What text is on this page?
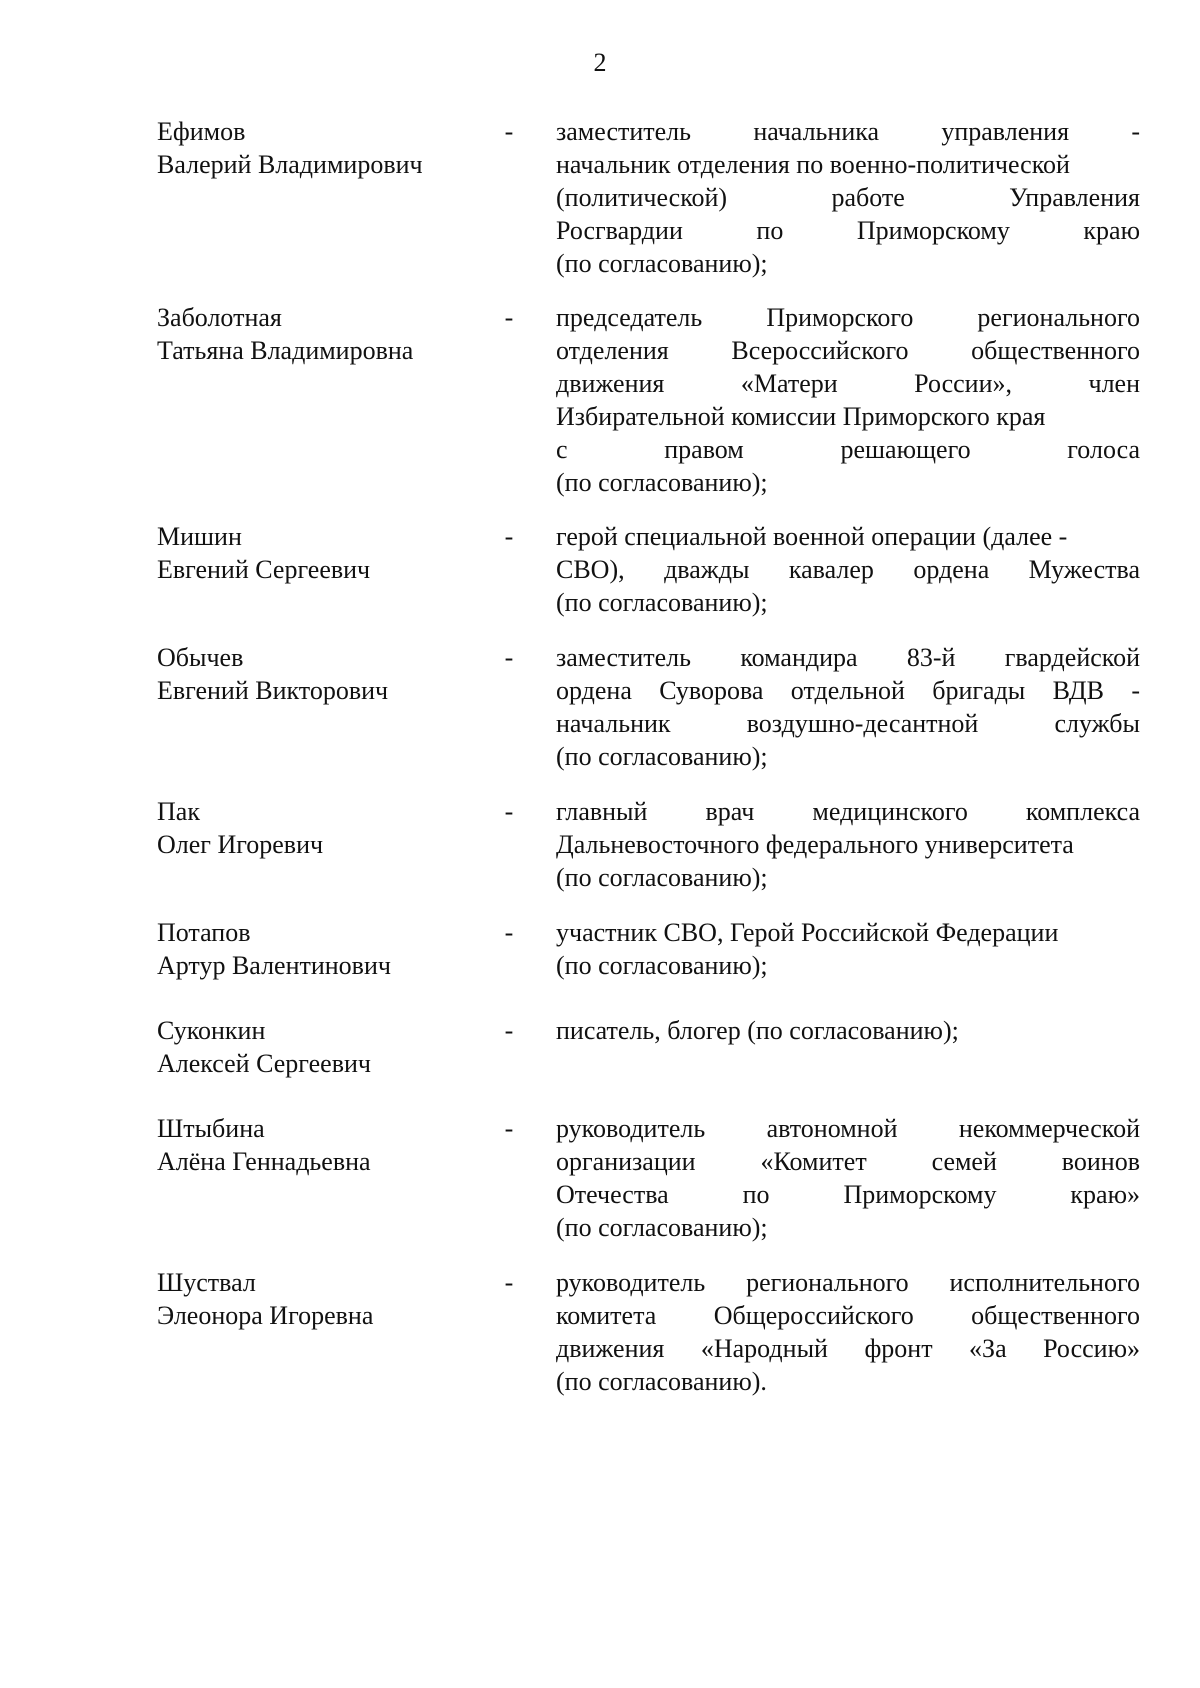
2
Ефимов
Валерий Владимирович
- заместитель начальника управления -
начальник отделения по военно-политической
(политической) работе Управления
Росгвардии по Приморскому краю
(по согласованию);
Заболотная
Татьяна Владимировна
- председатель Приморского регионального
отделения Всероссийского общественного
движения «Матери России», член
Избирательной комиссии Приморского края
с правом решающего голоса
(по согласованию);
Мишин
Евгений Сергеевич
- герой специальной военной операции (далее -
СВО), дважды кавалер ордена Мужества
(по согласованию);
Обычев
Евгений Викторович
- заместитель командира 83-й гвардейской
ордена Суворова отдельной бригады ВДВ -
начальник воздушно-десантной службы
(по согласованию);
Пак
Олег Игоревич
- главный врач медицинского комплекса
Дальневосточного федерального университета
(по согласованию);
Потапов
Артур Валентинович
- участник СВО, Герой Российской Федерации
(по согласованию);
Суконкин
Алексей Сергеевич
- писатель, блогер (по согласованию);
Штыбина
Алёна Геннадьевна
- руководитель автономной некоммерческой
организации «Комитет семей воинов
Отечества по Приморскому краю»
(по согласованию);
Шуствал
Элеонора Игоревна
- руководитель регионального исполнительного
комитета Общероссийского общественного
движения «Народный фронт «За Россию»
(по согласованию).
